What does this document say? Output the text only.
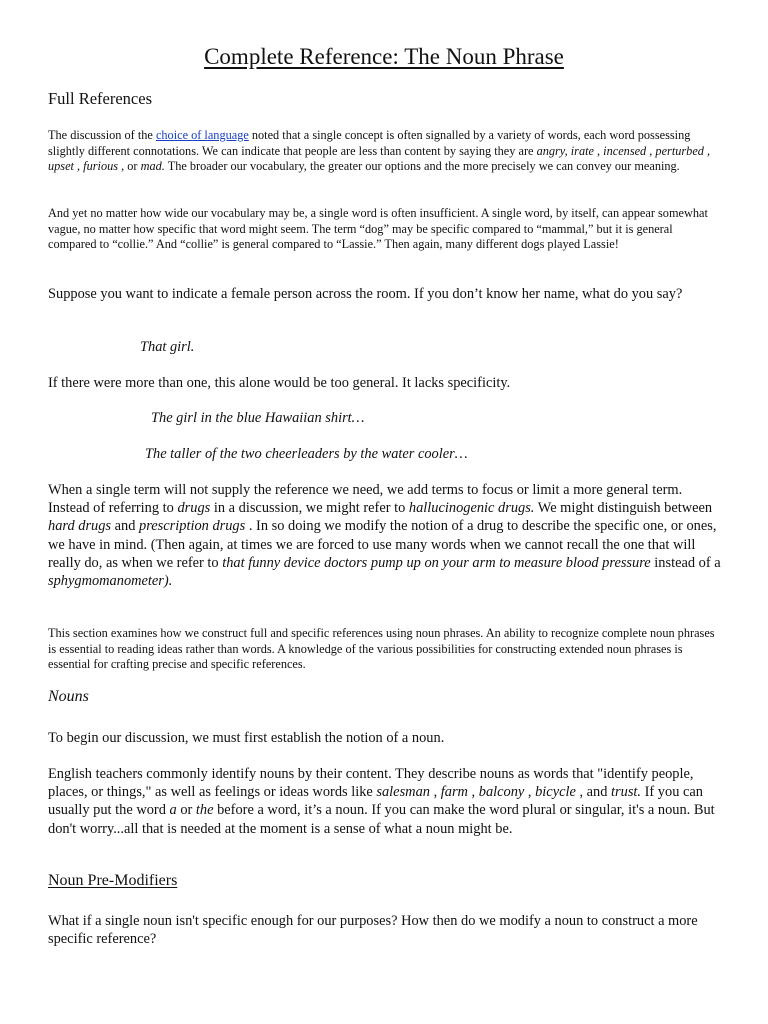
Complete Reference: The Noun Phrase
Full References

The discussion of the choice of language noted that a single concept is often signalled by a variety of words, each word possessing slightly different connotations. We can indicate that people are less than content by saying they are angry, irate , incensed , perturbed , upset , furious , or mad. The broader our vocabulary, the greater our options and the more precisely we can convey our meaning.

And yet no matter how wide our vocabulary may be, a single word is often insufficient. A single word, by itself, can appear somewhat vague, no matter how specific that word might seem. The term “dog” may be specific compared to “mammal,” but it is general compared to “collie.” And “collie” is general compared to “Lassie.” Then again, many different dogs played Lassie!

Suppose you want to indicate a female person across the room. If you don’t know her name, what do you say?

That girl.

If there were more than one, this alone would be too general. It lacks specificity.

The girl in the blue Hawaiian shirt…

The taller of the two cheerleaders by the water cooler…

When a single term will not supply the reference we need, we add terms to focus or limit a more general term. Instead of referring to drugs in a discussion, we might refer to hallucinogenic drugs. We might distinguish between hard drugs and prescription drugs . In so doing we modify the notion of a drug to describe the specific one, or ones, we have in mind. (Then again, at times we are forced to use many words when we cannot recall the one that will really do, as when we refer to that funny device doctors pump up on your arm to measure blood pressure instead of a sphygmomanometer).

This section examines how we construct full and specific references using noun phrases. An ability to recognize complete noun phrases is essential to reading ideas rather than words. A knowledge of the various possibilities for constructing extended noun phrases is essential for crafting precise and specific references.

Nouns

To begin our discussion, we must first establish the notion of a noun.

English teachers commonly identify nouns by their content. They describe nouns as words that "identify people, places, or things," as well as feelings or ideas words like salesman , farm , balcony , bicycle , and trust. If you can usually put the word a or the before a word, it’s a noun. If you can make the word plural or singular, it's a noun. But don't worry...all that is needed at the moment is a sense of what a noun might be.

Noun Pre-Modifiers

What if a single noun isn't specific enough for our purposes? How then do we modify a noun to construct a more specific reference?
